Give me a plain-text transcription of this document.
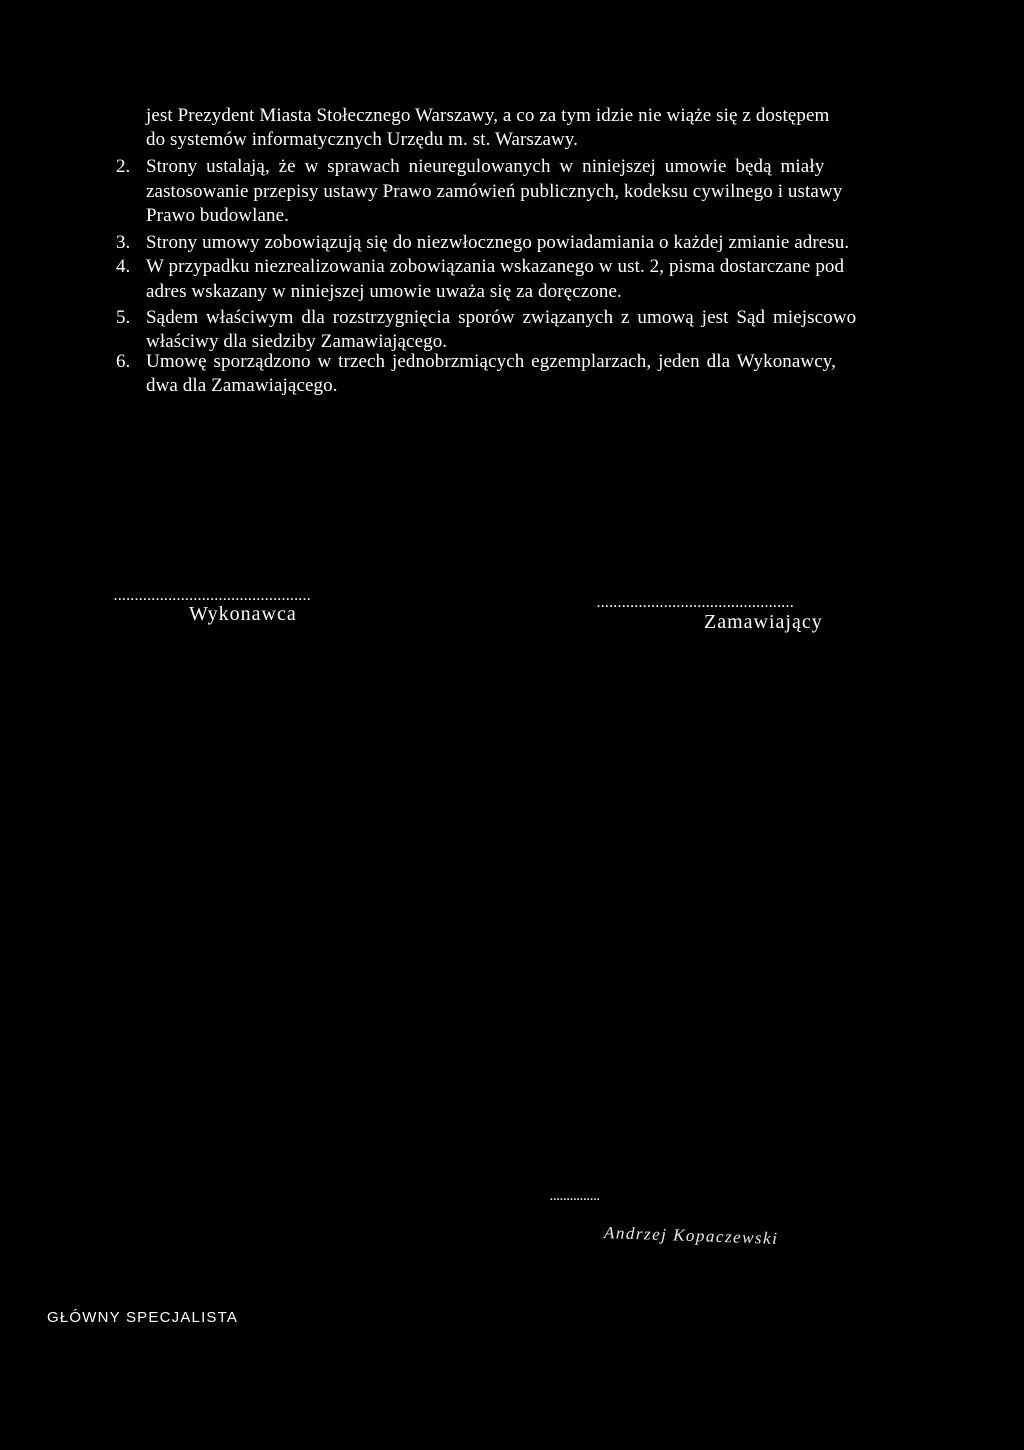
jest Prezydent Miasta Stołecznego Warszawy, a co za tym idzie nie wiąże się z dostępem
do systemów informatycznych Urzędu m. st. Warszawy.
2. Strony ustalają, że w sprawach nieuregulowanych w niniejszej umowie będą miały
zastosowanie przepisy ustawy Prawo zamówień publicznych, kodeksu cywilnego i ustawy
Prawo budowlane.
3. Strony umowy zobowiązują się do niezwłocznego powiadamiania o każdej zmianie adresu.
4. W przypadku niezrealizowania zobowiązania wskazanego w ust. 2, pisma dostarczane pod
adres wskazany w niniejszej umowie uważa się za doręczone.
5. Sądem właściwym dla rozstrzygnięcia sporów związanych z umową jest Sąd miejscowo
właściwy dla siedziby Zamawiającego.
6. Umowę sporządzono w trzech jednobrzmiących egzemplarzach, jeden dla Wykonawcy,
dwa dla Zamawiającego.
...............................................
Wykonawca	...............................................
Zamawiający
...............
Andrzej Kopaczewski
GŁÓWNY SPECJALISTA
